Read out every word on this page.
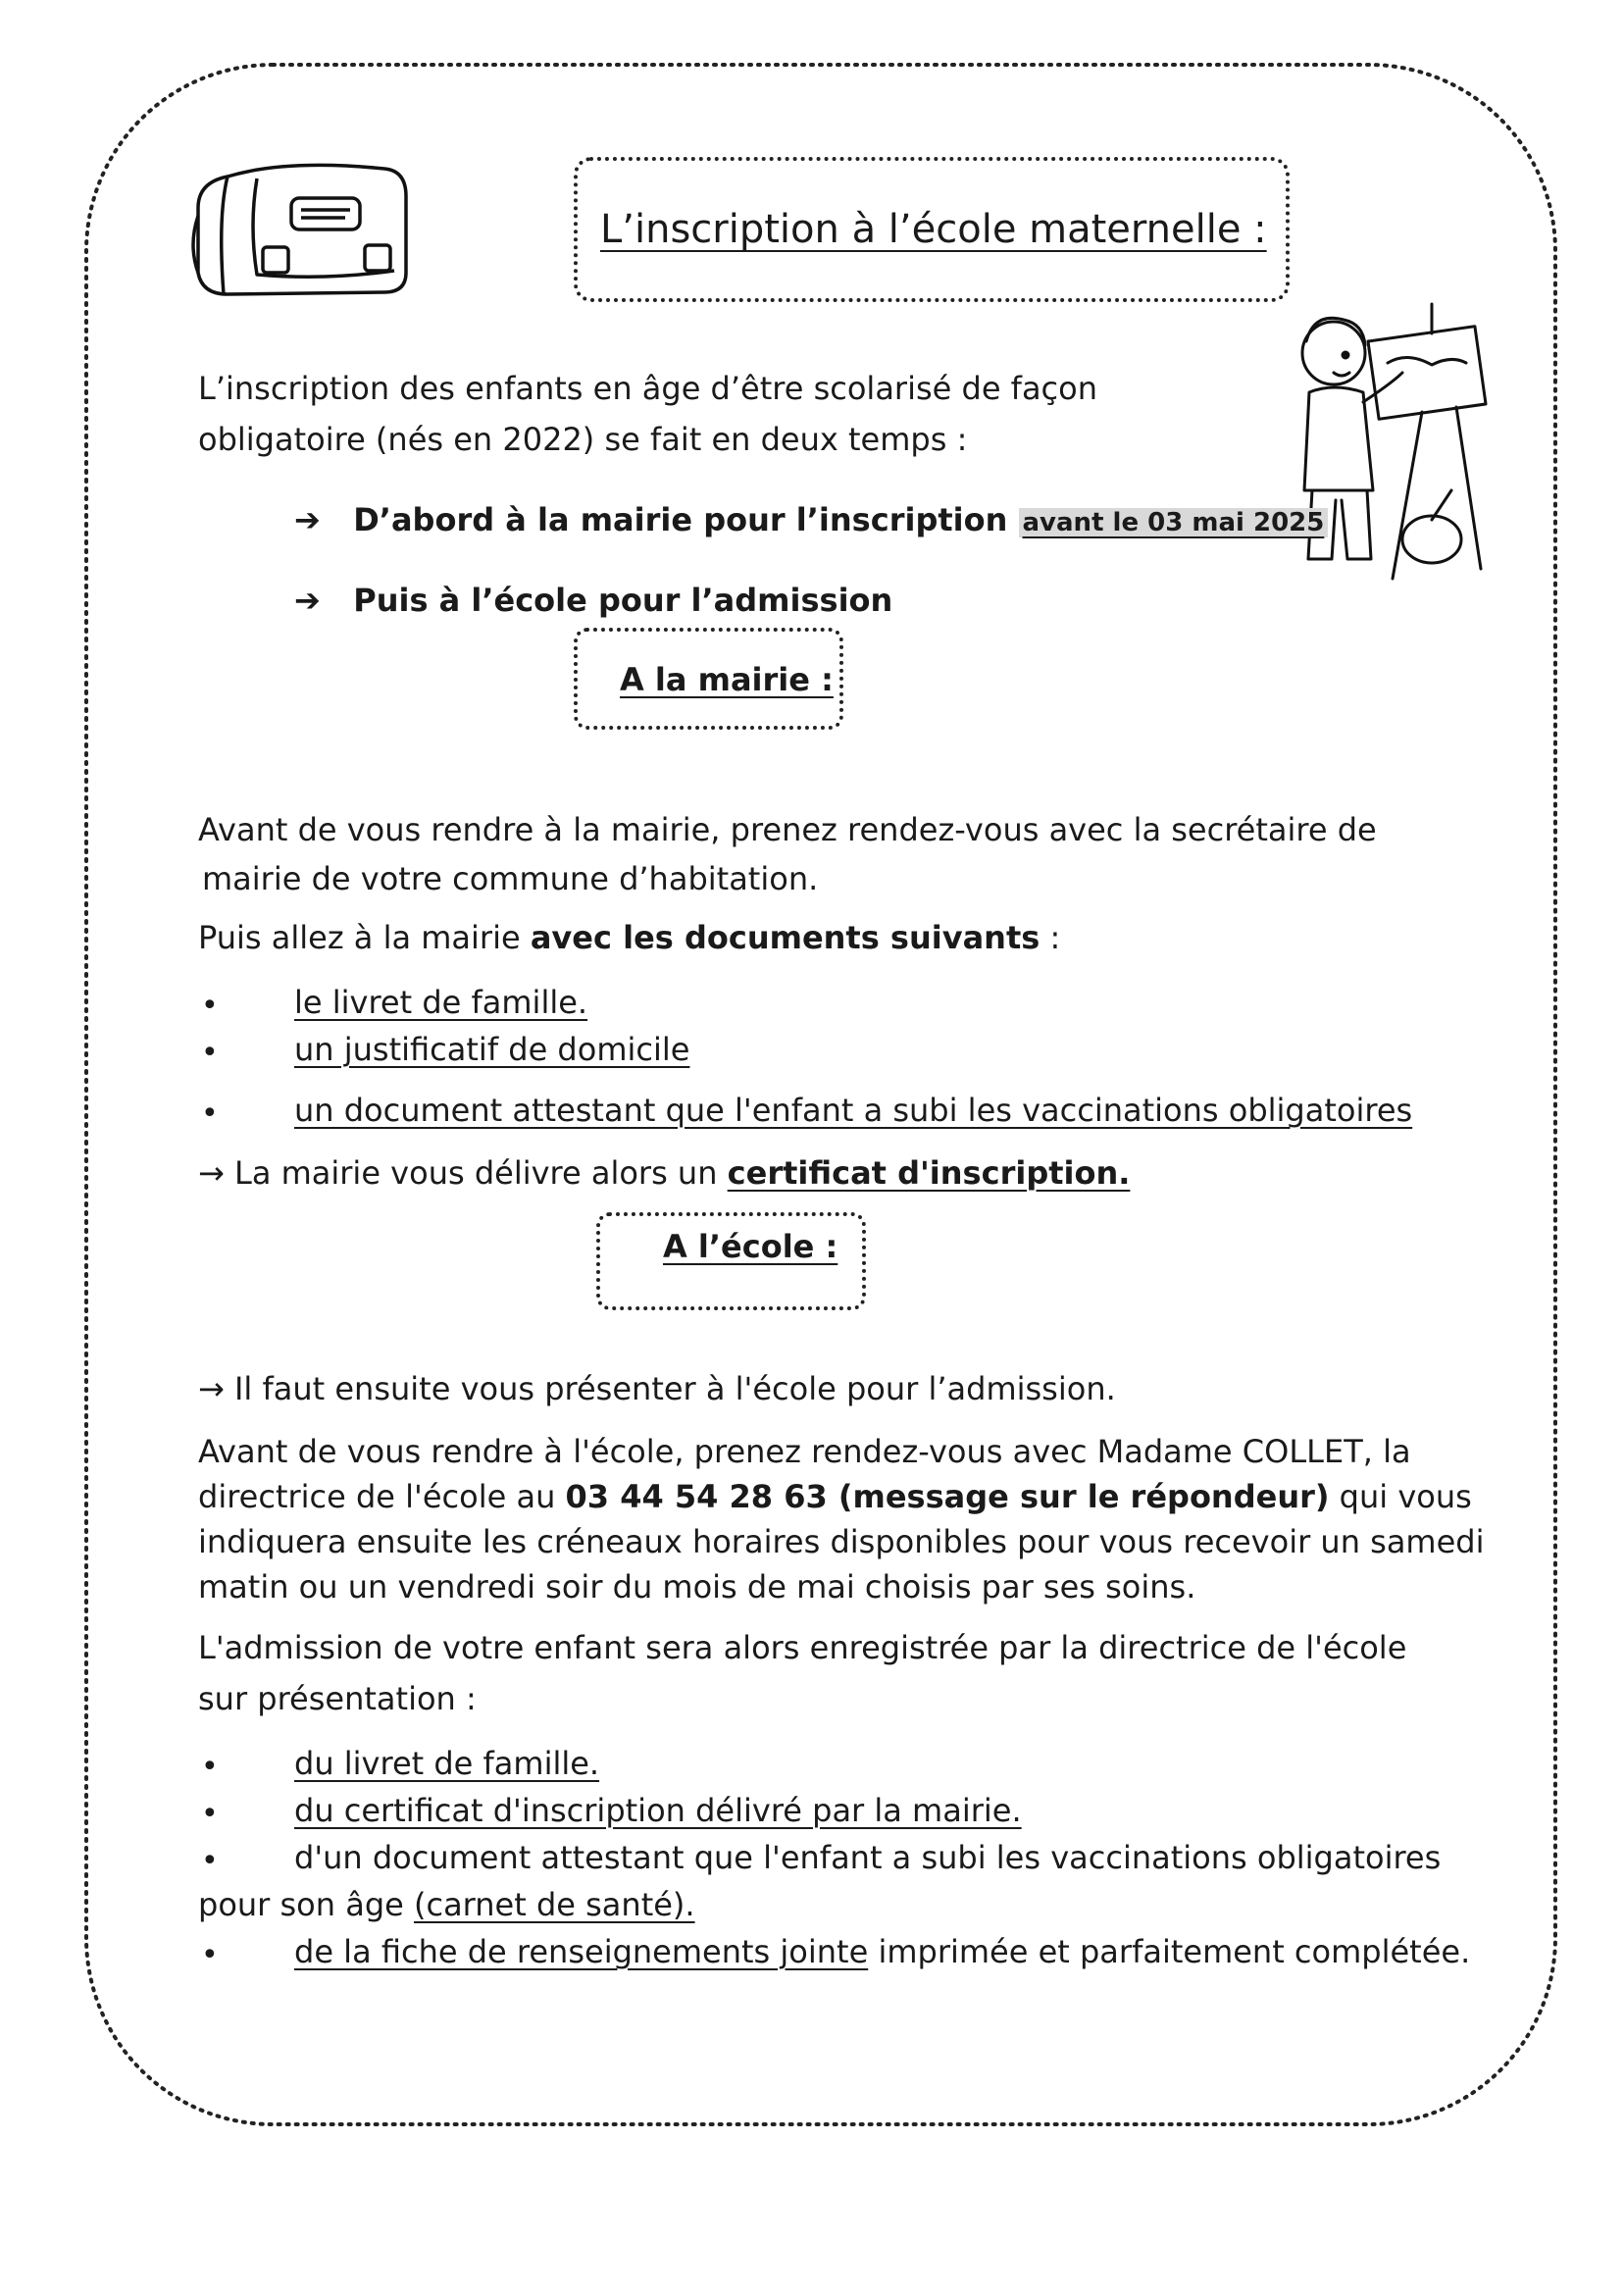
L’inscription à l’école maternelle :
L’inscription des enfants en âge d’être scolarisé de façon
obligatoire (nés en 2022) se fait en deux temps :
➔ D’abord à la mairie pour l’inscription avant le 03 mai 2025
➔ Puis à l’école pour l’admission
A la mairie :
Avant de vous rendre à la mairie, prenez rendez-vous avec la secrétaire de
mairie de votre commune d’habitation.
Puis allez à la mairie avec les documents suivants :
• le livret de famille.
• un justificatif de domicile
• un document attestant que l'enfant a subi les vaccinations obligatoires
→ La mairie vous délivre alors un certificat d'inscription.
A l’école :
→ Il faut ensuite vous présenter à l'école pour l’admission.
Avant de vous rendre à l'école, prenez rendez-vous avec Madame COLLET, la
directrice de l'école au 03 44 54 28 63 (message sur le répondeur) qui vous
indiquera ensuite les créneaux horaires disponibles pour vous recevoir un samedi
matin ou un vendredi soir du mois de mai choisis par ses soins.
L'admission de votre enfant sera alors enregistrée par la directrice de l'école
sur présentation :
• du livret de famille.
• du certificat d'inscription délivré par la mairie.
• d'un document attestant que l'enfant a subi les vaccinations obligatoires
pour son âge (carnet de santé).
• de la fiche de renseignements jointe imprimée et parfaitement complétée.
